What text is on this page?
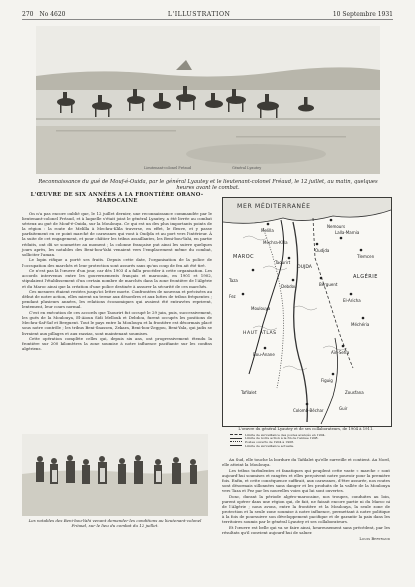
270 No 4620	L'ILLUSTRATION	10 Septembre 1931
Lieutenant-colonel Fréaud	Général Lyautey
Reconnaissance du gué de Mouf-é-Ouida, par le général Lyautey et le lieutenant-colonel Fréaud, le 12 juillet, au matin, quelques heures avant le combat.
L'ŒUVRE DE SIX ANNÉES A LA FRONTIÈRE ORANO-MAROCAINE

On n'a pas encore oublié que, le 12 juillet dernier, une reconnaissance commandée par le lieutenant-colonel Fréaud, et à laquelle s'était joint le général Lyautey, a été livrée au combat sérieux au gué de Mouf-é-Ouida, sur la Moulouya. Ce qui est un des plus importants points de la région : la route de Melilla à Mechra-Klila traverse, en effet, le fleuve, et y passe parfaitement en ce point marché de caravanes qui vont à Oudjda et au port vers l'intérieur. À la suite de cet engagement, et pour châtier les tribus assaillantes, les Beni-bou-Yahi, en partie réduits, ont dû se soumettre au moment ; la colonne française put ainsi les suivre quelques jours après, les notables des Beni-bou-Yahi venaient vers l'emplacement même du combat, solliciter l'aman.

Le lopin rifique a porté ses fruits. Depuis cette date, l'organisation de la police de l'occupation des marchés et leur protection sont assurés sans qu'un coup de feu ait été tiré.

Ce n'est pas là l'œuvre d'un jour, car dès 1903 il a fallu procéder à cette organisation. Les accords intervenus entre les gouvernements français et marocain, en 1901 et 1902, stipulaient l'établissement d'un certain nombre de marchés dans la zone frontière de l'Algérie et du Maroc ainsi que la création d'une police destinée à assurer la sécurité de ces marchés.

Ces mesures étaient restées jusqu'ici lettre morte. Confrontées de nouveau et précisées au début de notre action, elles mirent un terme aux désordres et aux luttes de tribus fréquentes ; pendant plusieurs années, les relations économiques qui avaient été entravées reprirent, lentement, leur cours normal.

C'est en exécution de ces accords que Taourirt fut occupé le 29 juin, puis, successivement, les gués de la Moulouya, El-Aioun Sidi Mellouk et Debdou, furent occupés les positions de Mechra-Saf-Saf et Berguent. Tout le pays entre la Moulouya et la frontière est désormais placé sous notre contrôle ; les tribus Beni-Snassen, Zekara, Beni-bou-Zeggou, Beni-Yala, qui jadis se livraient aux pillages et aux razzias, sont maintenant soumises.

Cette opération complète celles qui, depuis six ans, ont progressivement étendu la frontière sur 200 kilomètres la zone soumise à notre influence pacifiante sur les confins algériens.

MER MÉDITERRANÉE
Melilla
Nemours
Oudjda
Lalla-Marnia
Tlemcen
Taourirt
Debdou	Berguent
El-Aricha
Méchéria
Aïn-Sefra
Figuig
Colomb-Béchar
Bou-Anane
Tafilalet
Moulouya
Guir
Zousfana
HAUT ATLAS
OUJDA
ALGÉRIE
MAROC
Taza
Fez
Mechra-Klila
L'œuvre du général Lyautey et de ses collaborateurs, de 1904 à 1911.
Limite de surveillance des postes avancés en 1904.
Limite de notre action à la fin de l'année 1908.
Postes ouverts de 1904 à 1908.
Limite de surveillance actuelle.

Au Sud, elle touche la bordure du Tafilalet qu'elle surveille et contient. Au Nord, elle atteint la Moulouya.

Les tribus turbulentes et fanatiques qui peuplent cette vaste « marche » sont aujourd'hui soumises et rangées et elles perçoivent notre pouvoir pour la première fois. Enfin, et cette conséquence suffirait, aux caravanes, d'être assurée, nos routes sont désormais sillonnées sans danger et les produits de la vallée de la Moulouya vers Taza et Fez par les nouvelles voies qui lui sont ouvertes.

Donc, durant la période algéro-marocaine, nos troupes, conduites au loin, purent opérer dans une région qui, de fait, ne faisait encore partie ni du Maroc ni de l'Algérie ; nous avons, entre la frontière et la Moulouya, la seule zone de protection et la seule zone soumise à notre influence, permettant à notre politique à la fois de poursuivre son développement pacifique et de garantir la paix dans les territoires soumis par le général Lyautey et ses collaborateurs.

Et l'œuvre est belle qui va se faire ainsi, heureusement sans précédent, par les résultats qu'il convient aujourd'hui de saluer.

Louis Bertrand
Les notables des Beni-bou-Yahi venant demander les conditions au lieutenant-colonel Fréaud, sur le lieu du combat du 12 juillet.
